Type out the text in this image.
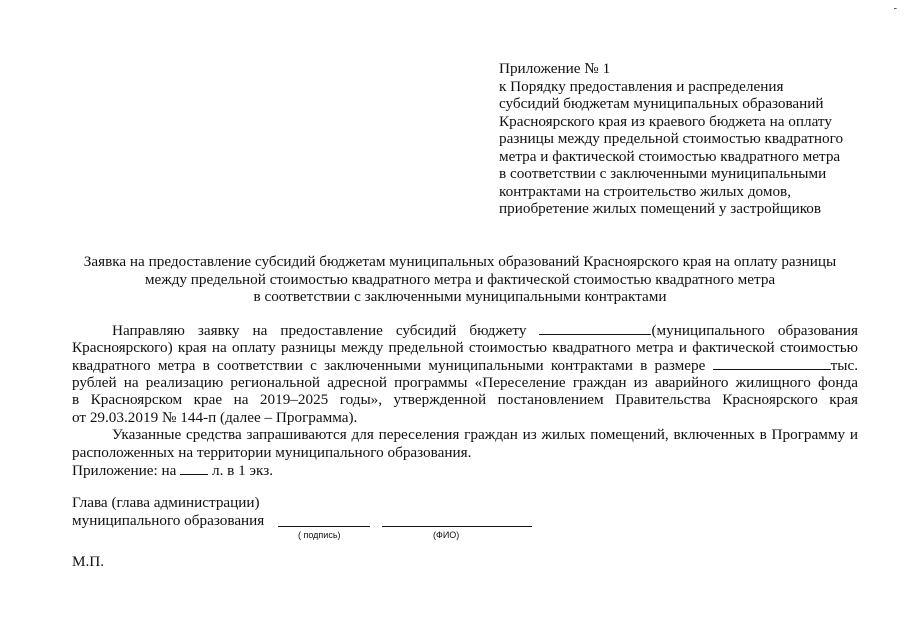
-
Приложение № 1
к Порядку предоставления и распределения
субсидий бюджетам муниципальных образований
Красноярского края из краевого бюджета на оплату
разницы между предельной стоимостью квадратного
метра и фактической стоимостью квадратного метра
в соответствии с заключенными муниципальными
контрактами на строительство жилых домов,
приобретение жилых помещений у застройщиков
Заявка на предоставление субсидий бюджетам муниципальных образований Красноярского края на оплату разницы
между предельной стоимостью квадратного метра и фактической стоимостью квадратного метра
в соответствии с заключенными муниципальными контрактами
Направляю заявку на предоставление субсидий бюджету	(муниципального образования
Красноярского) края на оплату разницы между предельной стоимостью квадратного метра и фактической стоимостью
квадратного метра в соответствии с заключенными муниципальными контрактами в размере	тыс.
рублей на реализацию региональной адресной программы «Переселение граждан из аварийного жилищного фонда
в Красноярском крае на 2019–2025 годы», утвержденной постановлением Правительства Красноярского края
от 29.03.2019 № 144-п (далее – Программа).
Указанные средства запрашиваются для переселения граждан из жилых помещений, включенных в Программу и
расположенных на территории муниципального образования.
Приложение: на л. в 1 экз.
Глава (глава администрации)
муниципального образования
( подпись)	(ФИО)
М.П.
